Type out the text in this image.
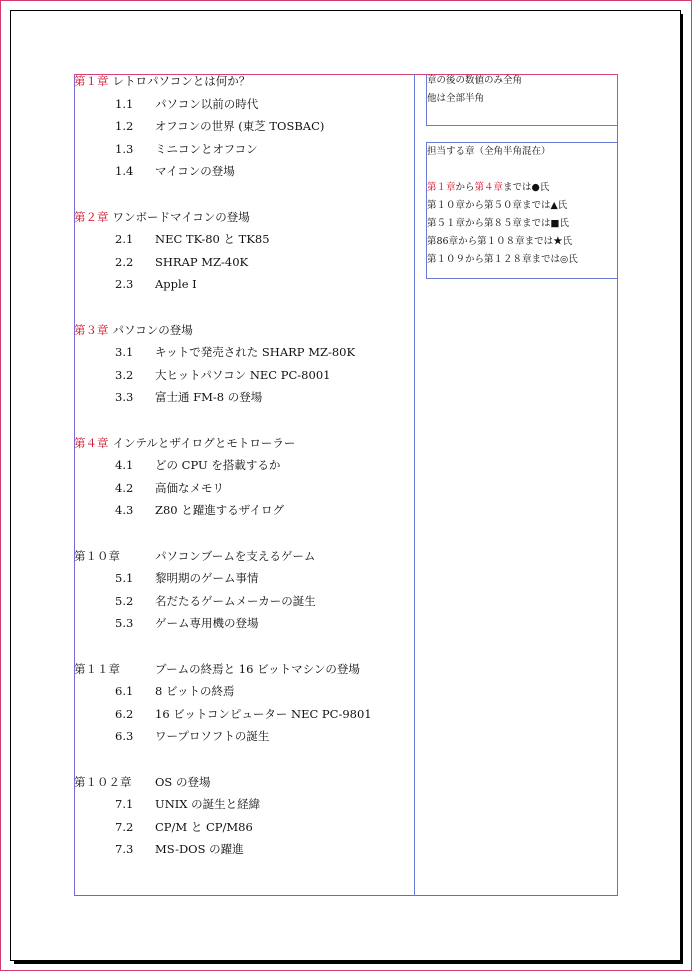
第１章 レトロパソコンとは何か？
1.1 パソコン以前の時代
1.2 オフコンの世界 (東芝 TOSBAC)
1.3 ミニコンとオフコン
1.4 マイコンの登場
第２章 ワンボードマイコンの登場
2.1 NEC TK-80 と TK85
2.2 SHRAP MZ-40K
2.3 Apple I
第３章 パソコンの登場
3.1 キットで発売された SHARP MZ-80K
3.2 大ヒットパソコン NEC PC-8001
3.3 富士通 FM-8 の登場
第４章 インテルとザイログとモトローラー
4.1 どの CPU を搭載するか
4.2 高価なメモリ
4.3 Z80 と躍進するザイログ
第１０章	パソコンブームを支えるゲーム
5.1 黎明期のゲーム事情
5.2 名だたるゲームメーカーの誕生
5.3 ゲーム専用機の登場
第１１章	ブームの終焉と 16 ビットマシンの登場
6.1 8 ビットの終焉
6.2 16 ビットコンピューター NEC PC-9801
6.3 ワープロソフトの誕生
第１０２章 OS の登場
7.1 UNIX の誕生と経緯
7.2 CP/M と CP/M86
7.3 MS-DOS の躍進
章の後の数値のみ全角
他は全部半角
担当する章（全角半角混在）
第１章から第４章までは●氏
第１０章から第５０章までは▲氏
第５１章から第８５章までは■氏
第86章から第１０８章までは★氏
第１０９から第１２８章までは◎氏
